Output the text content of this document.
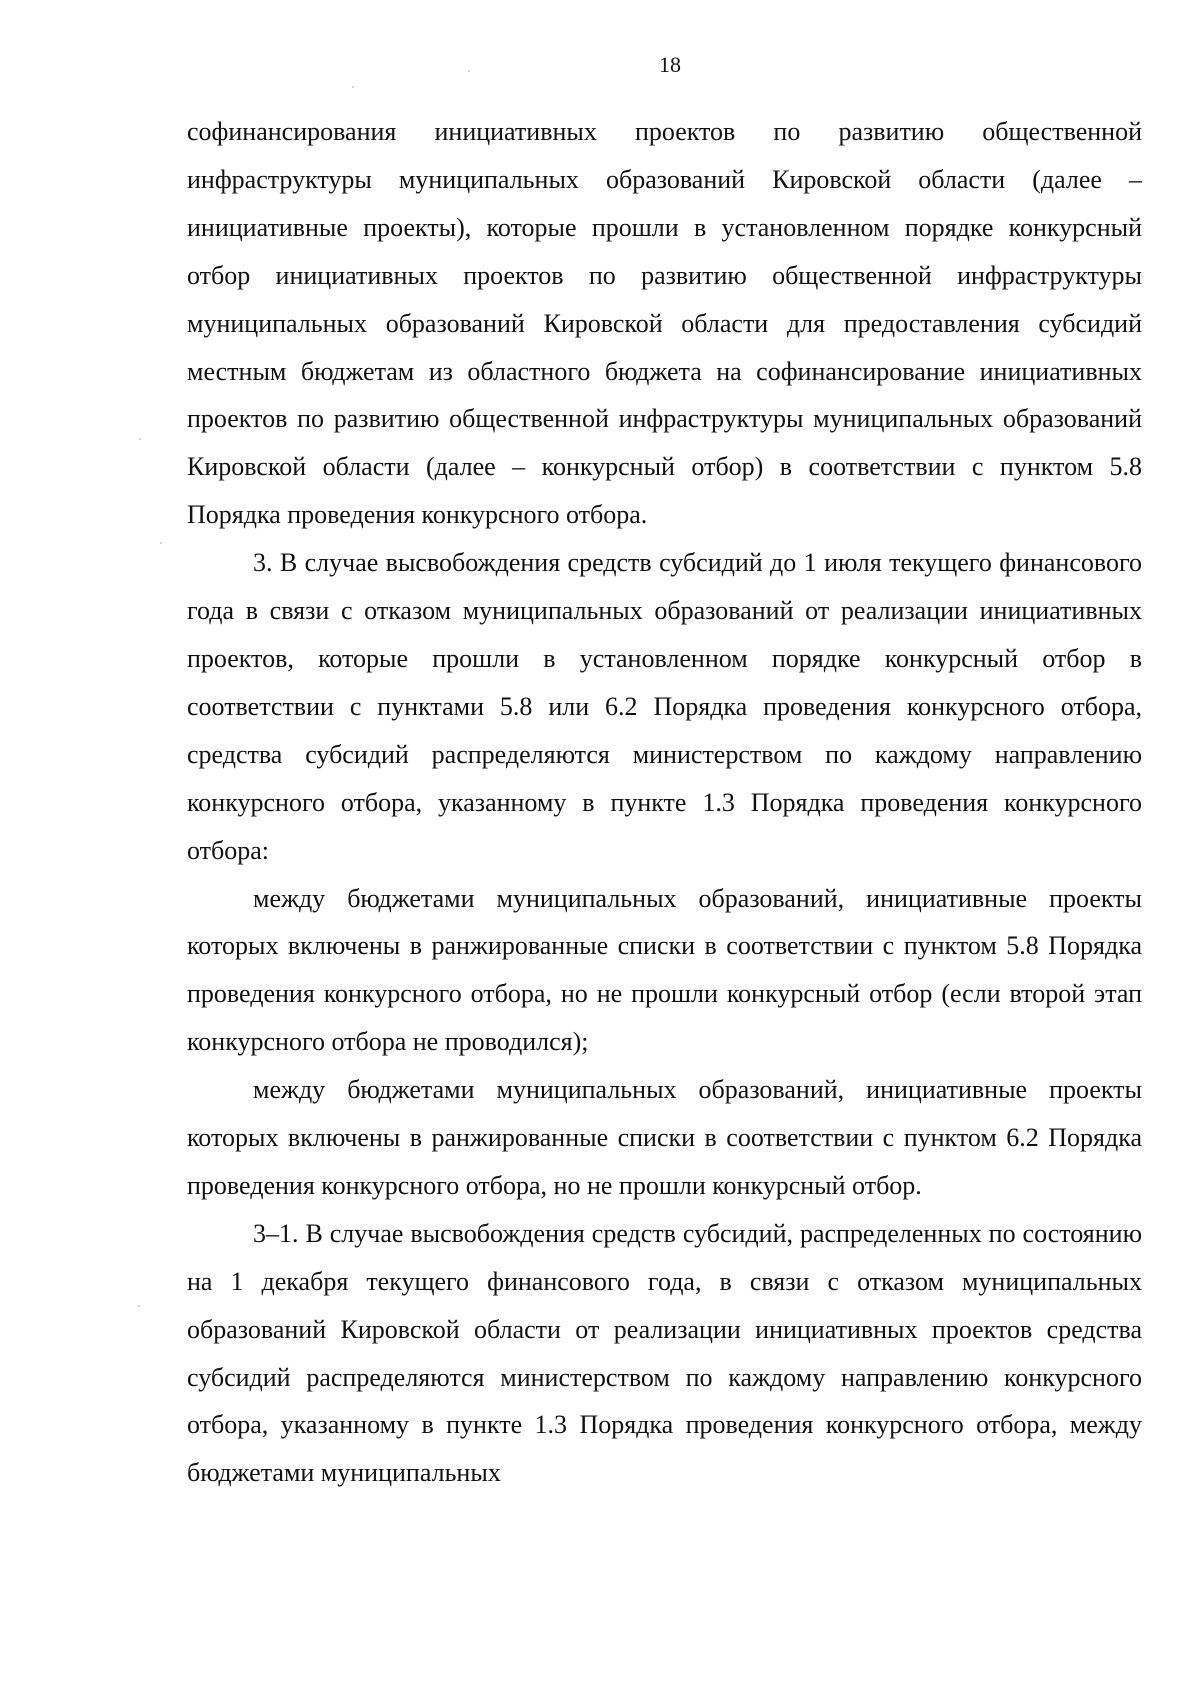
18

софинансирования инициативных проектов по развитию общественной инфраструктуры муниципальных образований Кировской области (далее – инициативные проекты), которые прошли в установленном порядке конкурсный отбор инициативных проектов по развитию общественной инфраструктуры муниципальных образований Кировской области для предоставления субсидий местным бюджетам из областного бюджета на софинансирование инициативных проектов по развитию общественной инфраструктуры муниципальных образований Кировской области (далее – конкурсный отбор) в соответствии с пунктом 5.8 Порядка проведения конкурсного отбора.

3. В случае высвобождения средств субсидий до 1 июля текущего финансового года в связи с отказом муниципальных образований от реализации инициативных проектов, которые прошли в установленном порядке конкурсный отбор в соответствии с пунктами 5.8 или 6.2 Порядка проведения конкурсного отбора, средства субсидий распределяются министерством по каждому направлению конкурсного отбора, указанному в пункте 1.3 Порядка проведения конкурсного отбора:

между бюджетами муниципальных образований, инициативные проекты которых включены в ранжированные списки в соответствии с пунктом 5.8 Порядка проведения конкурсного отбора, но не прошли конкурсный отбор (если второй этап конкурсного отбора не проводился);

между бюджетами муниципальных образований, инициативные проекты которых включены в ранжированные списки в соответствии с пунктом 6.2 Порядка проведения конкурсного отбора, но не прошли конкурсный отбор.

3–1. В случае высвобождения средств субсидий, распределенных по состоянию на 1 декабря текущего финансового года, в связи с отказом муниципальных образований Кировской области от реализации инициативных проектов средства субсидий распределяются министерством по каждому направлению конкурсного отбора, указанному в пункте 1.3 Порядка проведения конкурсного отбора, между бюджетами муниципальных
